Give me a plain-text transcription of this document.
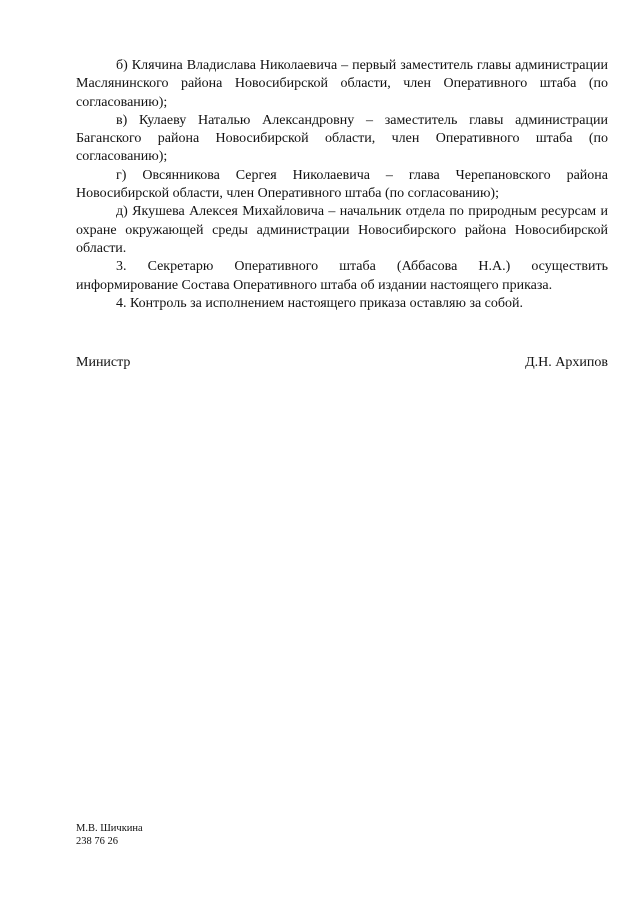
б) Клячина Владислава Николаевича – первый заместитель главы администрации Маслянинского района Новосибирской области, член Оперативного штаба (по согласованию);

в) Кулаеву Наталью Александровну – заместитель главы администрации Баганского района Новосибирской области, член Оперативного штаба (по согласованию);

г) Овсянникова Сергея Николаевича – глава Черепановского района Новосибирской области, член Оперативного штаба (по согласованию);

д) Якушева Алексея Михайловича – начальник отдела по природным ресурсам и охране окружающей среды администрации Новосибирского района Новосибирской области.

3. Секретарю Оперативного штаба (Аббасова Н.А.) осуществить информирование Состава Оперативного штаба об издании настоящего приказа.

4. Контроль за исполнением настоящего приказа оставляю за собой.

Министр	Д.Н. Архипов
М.В. Шичкина
238 76 26
